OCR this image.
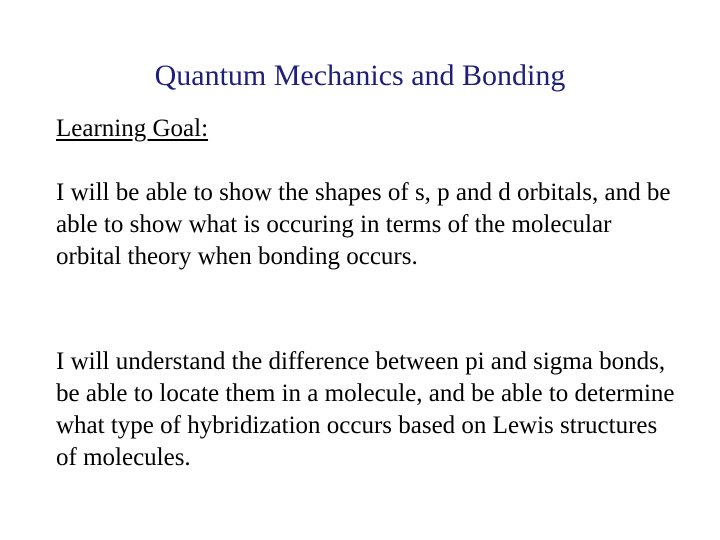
Quantum Mechanics and Bonding
Learning Goal:

I will be able to show the shapes of s, p and d orbitals, and be able to show what is occuring in terms of the molecular orbital theory when bonding occurs.

I will understand the difference between pi and sigma bonds, be able to locate them in a molecule, and be able to determine what type of hybridization occurs based on Lewis structures of molecules.
